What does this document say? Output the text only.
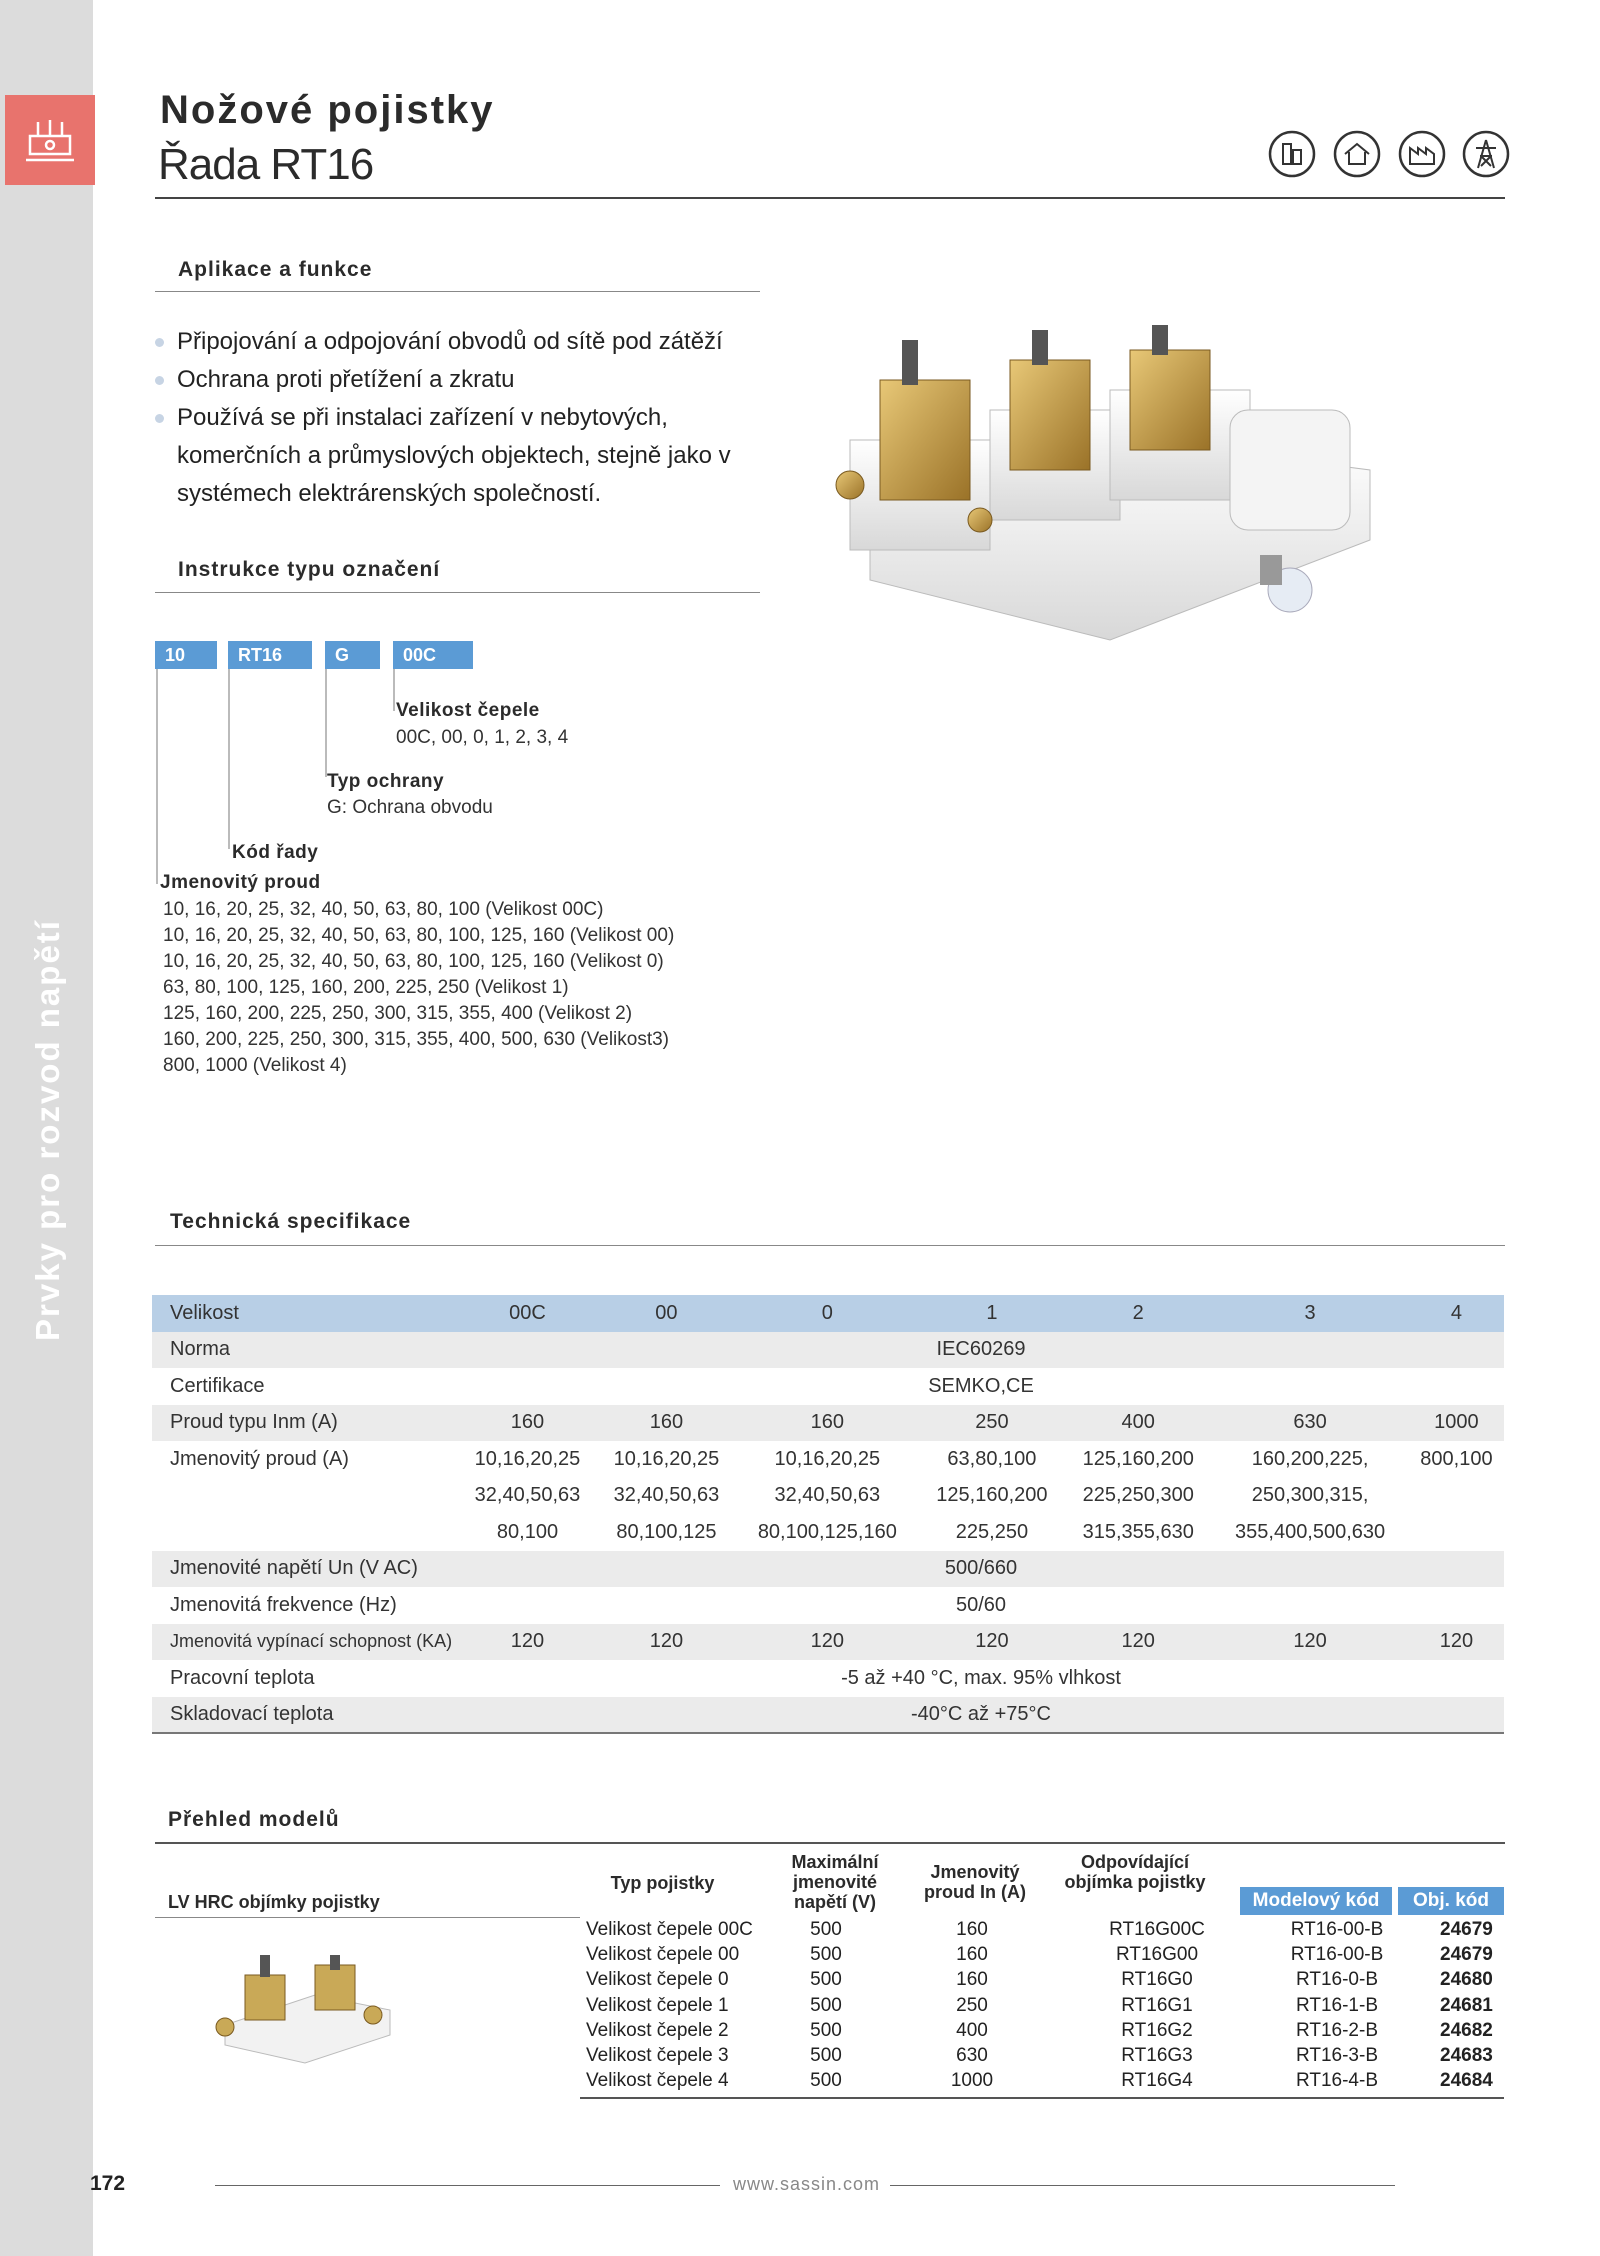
Prvky pro rozvod napětí
Nožové pojistky
Řada RT16
Aplikace a funkce
Připojování a odpojování obvodů od sítě pod zátěží
Ochrana proti přetížení a zkratu
Používá se při instalaci zařízení v nebytových, komerčních a průmyslových objektech, stejně jako v systémech elektrárenských společností.
Instrukce typu označení
10	RT16	G	00C
Velikost čepele
00C, 00, 0, 1, 2, 3, 4
Typ ochrany
G: Ochrana obvodu
Kód řady
Jmenovitý proud
10, 16, 20, 25, 32, 40, 50, 63, 80, 100 (Velikost 00C)
10, 16, 20, 25, 32, 40, 50, 63, 80, 100, 125, 160 (Velikost 00)
10, 16, 20, 25, 32, 40, 50, 63, 80, 100, 125, 160 (Velikost 0)
63, 80, 100, 125, 160, 200, 225, 250 (Velikost 1)
125, 160, 200, 225, 250, 300, 315, 355, 400 (Velikost 2)
160, 200, 225, 250, 300, 315, 355, 400, 500, 630 (Velikost3)
800, 1000 (Velikost 4)
Technická specifikace
Velikost	00C	00	0	1	2	3	4
Norma	IEC60269						
Certifikace	SEMKO,CE						
Proud typu Inm (A)	160	160	160	250	400	630	1000
Jmenovitý proud (A)	10,16,20,25	10,16,20,25	10,16,20,25	63,80,100	125,160,200	160,200,225,	800,100
	32,40,50,63	32,40,50,63	32,40,50,63	125,160,200	225,250,300	250,300,315,	
	80,100	80,100,125	80,100,125,160	225,250	315,355,630	355,400,500,630	
Jmenovité napětí Un (V AC)	500/660						
Jmenovitá frekvence (Hz)	50/60						
Jmenovitá vypínací schopnost (KA)	120	120	120	120	120	120	120
Pracovní teplota	-5 až +40 °C, max. 95% vlhkost						
Skladovací teplota	-40°C až +75°C						
Přehled modelů
LV HRC objímky pojistky
Typ pojistky
Maximální jmenovité napětí (V)
Jmenovitý proud In (A)
Odpovídající objímka pojistky
Modelový kód	Obj. kód
Velikost čepele 00C	500	160	RT16G00C	RT16-00-B	24679
Velikost čepele 00	500	160	RT16G00	RT16-00-B	24679
Velikost čepele 0	500	160	RT16G0	RT16-0-B	24680
Velikost čepele 1	500	250	RT16G1	RT16-1-B	24681
Velikost čepele 2	500	400	RT16G2	RT16-2-B	24682
Velikost čepele 3	500	630	RT16G3	RT16-3-B	24683
Velikost čepele 4	500	1000	RT16G4	RT16-4-B	24684
172	www.sassin.com
